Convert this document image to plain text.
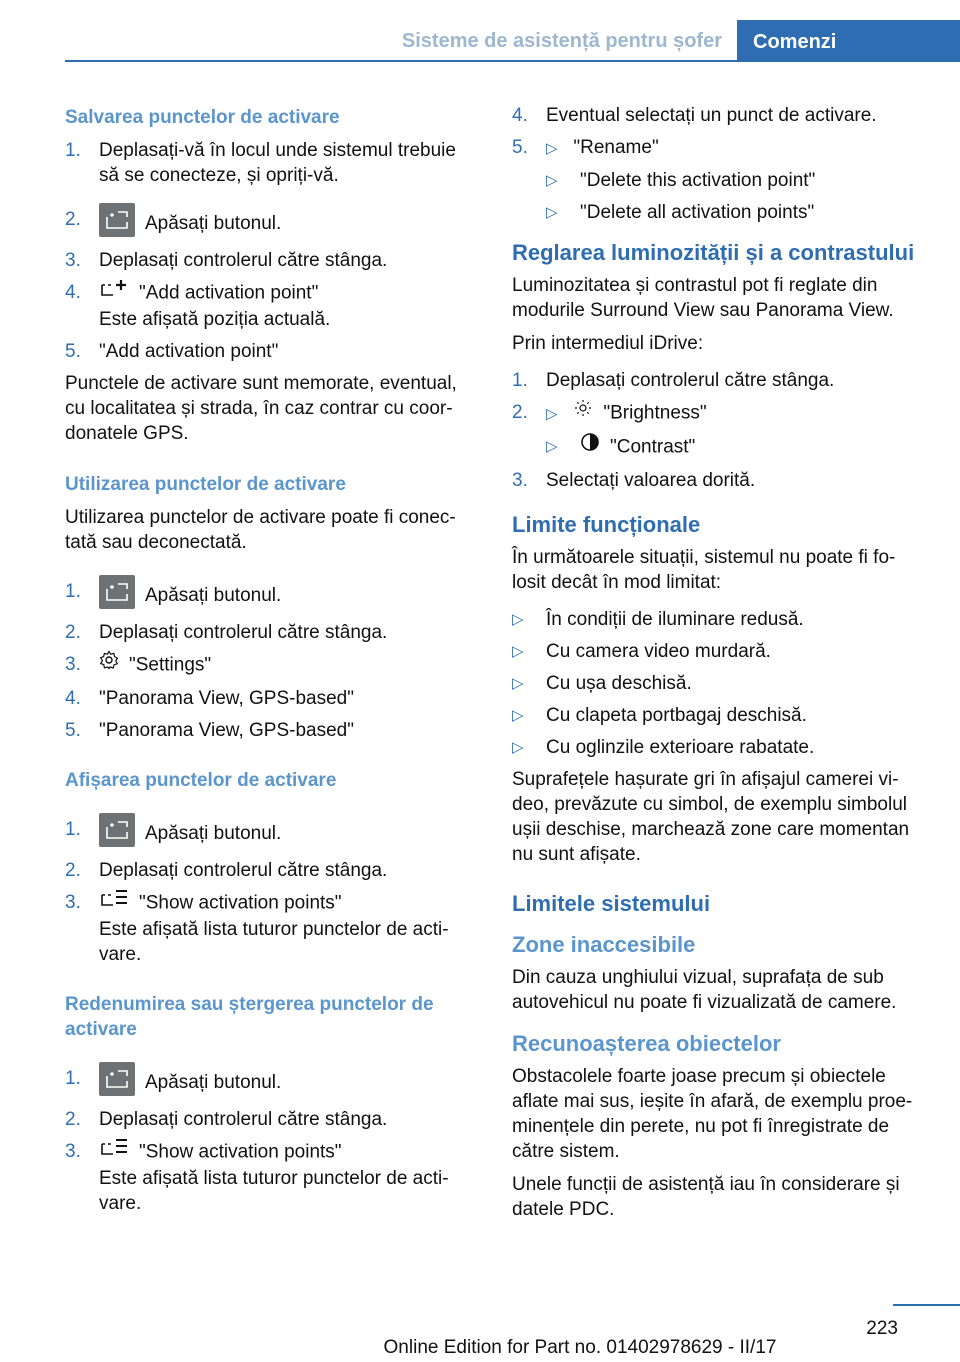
Sisteme de asistență pentru șofer	Comenzi

Salvarea punctelor de activare

1. Deplasați-vă în locul unde sistemul trebuie să se conecteze, și opriți-vă.
2.	Apăsați butonul.
3. Deplasați controlerul către stânga.
4.	"Add activation point"
Este afișată poziția actuală.
5. "Add activation point"

Punctele de activare sunt memorate, eventual, cu localitatea și strada, în caz contrar cu coor‐donatele GPS.

Utilizarea punctelor de activare

Utilizarea punctelor de activare poate fi conec‐tată sau deconectată.

1.	Apăsați butonul.
2. Deplasați controlerul către stânga.
3.	"Settings"
4. "Panorama View, GPS-based"
5. "Panorama View, GPS-based"

Afișarea punctelor de activare

1.	Apăsați butonul.
2. Deplasați controlerul către stânga.
3.	"Show activation points"
Este afișată lista tuturor punctelor de acti‐vare.

Redenumirea sau ștergerea punctelor de activare

1.	Apăsați butonul.
2. Deplasați controlerul către stânga.
3.	"Show activation points"
Este afișată lista tuturor punctelor de acti‐vare.
4. Eventual selectați un punct de activare.
5. ▷ "Rename"
▷ "Delete this activation point"
▷ "Delete all activation points"

Reglarea luminozității și a contrastului

Luminozitatea și contrastul pot fi reglate din modurile Surround View sau Panorama View.

Prin intermediul iDrive:

1. Deplasați controlerul către stânga.
2. ▷ "Brightness"
▷	"Contrast"
3. Selectați valoarea dorită.

Limite funcționale

În următoarele situații, sistemul nu poate fi fo‐losit decât în mod limitat:

▷ În condiții de iluminare redusă.
▷ Cu camera video murdară.
▷ Cu ușa deschisă.
▷ Cu clapeta portbagaj deschisă.
▷ Cu oglinzile exterioare rabatate.

Suprafețele hașurate gri în afișajul camerei vi‐deo, prevăzute cu simbol, de exemplu simbolul ușii deschise, marchează zone care momentan nu sunt afișate.

Limitele sistemului

Zone inaccesibile

Din cauza unghiului vizual, suprafața de sub autovehicul nu poate fi vizualizată de camere.

Recunoașterea obiectelor

Obstacolele foarte joase precum și obiectele aflate mai sus, ieșite în afară, de exemplu proe‐minențele din perete, nu pot fi înregistrate de către sistem.

Unele funcții de asistență iau în considerare și datele PDC.

223
Online Edition for Part no. 01402978629 - II/17
